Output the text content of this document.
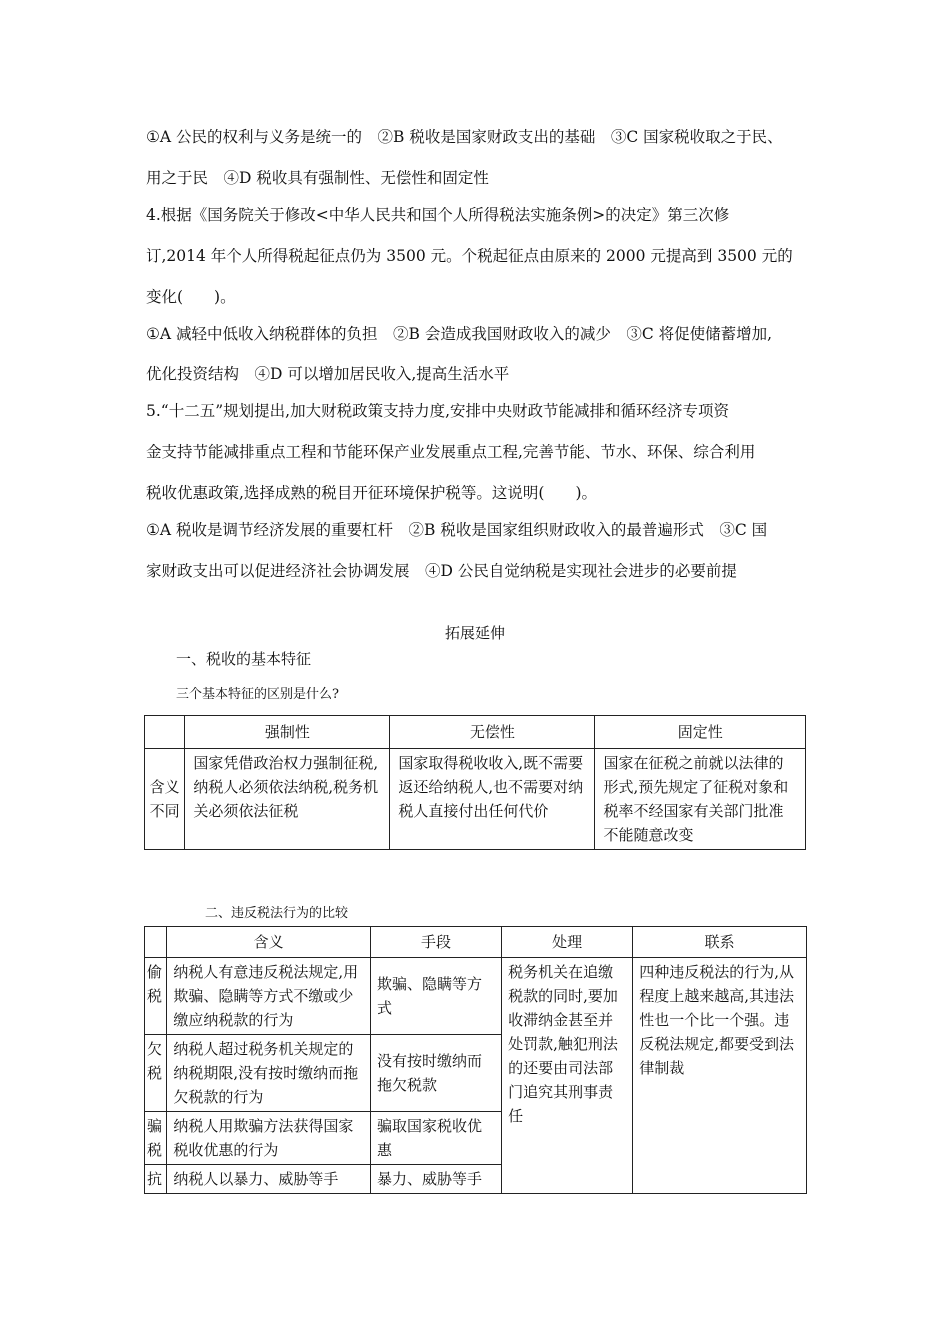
①A 公民的权利与义务是统一的　②B 税收是国家财政支出的基础　③C 国家税收取之于民、
用之于民　④D 税收具有强制性、无偿性和固定性
4.根据《国务院关于修改<中华人民共和国个人所得税法实施条例>的决定》第三次修
订,2014 年个人所得税起征点仍为 3500 元。个税起征点由原来的 2000 元提高到 3500 元的
变化(　　)。
①A 减轻中低收入纳税群体的负担　②B 会造成我国财政收入的减少　③C 将促使储蓄增加,
优化投资结构　④D 可以增加居民收入,提高生活水平
5.“十二五”规划提出,加大财税政策支持力度,安排中央财政节能减排和循环经济专项资
金支持节能减排重点工程和节能环保产业发展重点工程,完善节能、节水、环保、综合利用
税收优惠政策,选择成熟的税目开征环境保护税等。这说明(　　)。
①A 税收是调节经济发展的重要杠杆　②B 税收是国家组织财政收入的最普遍形式　③C 国
家财政支出可以促进经济社会协调发展　④D 公民自觉纳税是实现社会进步的必要前提
拓展延伸
一、税收的基本特征
三个基本特征的区别是什么?
	强制性	无偿性	固定性
含义不同	国家凭借政治权力强制征税,纳税人必须依法纳税,税务机关必须依法征税	国家取得税收收入,既不需要返还给纳税人,也不需要对纳税人直接付出任何代价	国家在征税之前就以法律的形式,预先规定了征税对象和税率不经国家有关部门批准不能随意改变
二、违反税法行为的比较
	含义	手段	处理	联系
偷税	纳税人有意违反税法规定,用欺骗、隐瞒等方式不缴或少缴应纳税款的行为	欺骗、隐瞒等方式	税务机关在追缴税款的同时,要加收滞纳金甚至并处罚款,触犯刑法的还要由司法部门追究其刑事责任	四种违反税法的行为,从程度上越来越高,其违法性也一个比一个强。违反税法规定,都要受到法律制裁
欠税	纳税人超过税务机关规定的纳税期限,没有按时缴纳而拖欠税款的行为	没有按时缴纳而拖欠税款		
骗税	纳税人用欺骗方法获得国家税收优惠的行为	骗取国家税收优惠		
抗	纳税人以暴力、威胁等手	暴力、威胁等手		
